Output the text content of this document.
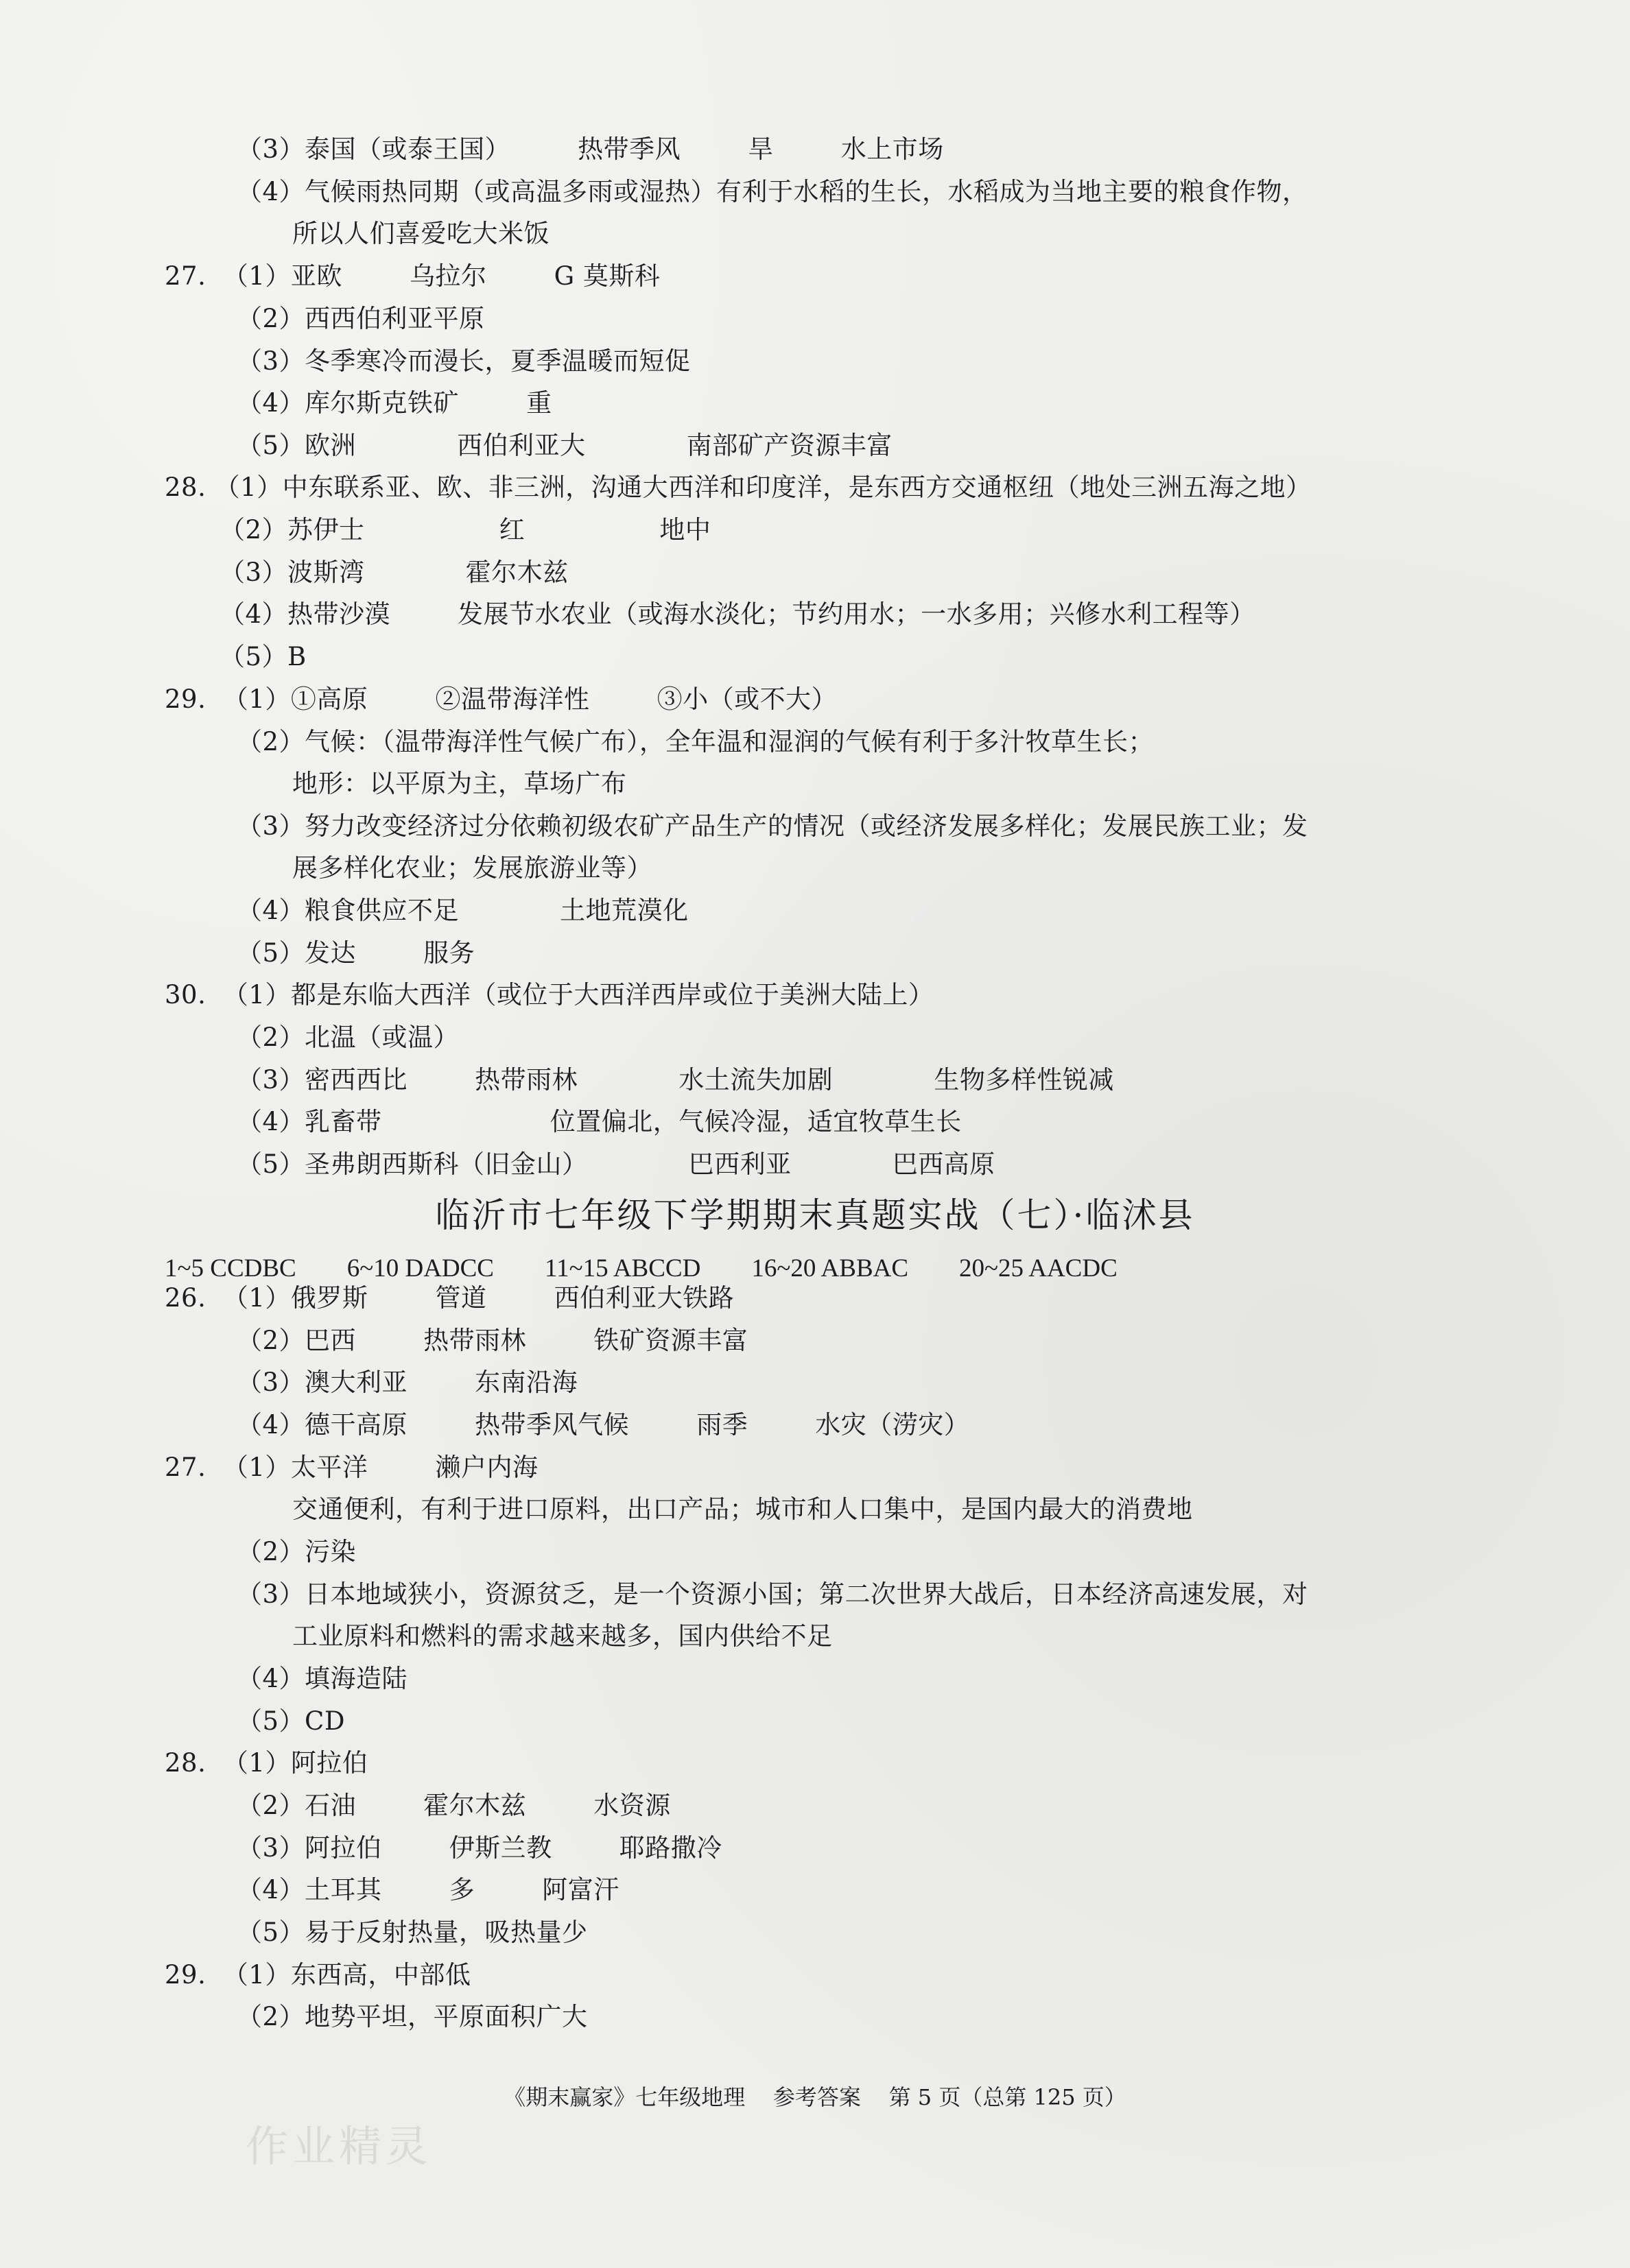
（3）泰国（或泰王国）        热带季风        旱        水上市场
（4）气候雨热同期（或高温多雨或湿热）有利于水稻的生长，水稻成为当地主要的粮食作物，
所以人们喜爱吃大米饭
27.  （1）亚欧        乌拉尔        G 莫斯科
（2）西西伯利亚平原
（3）冬季寒冷而漫长，夏季温暖而短促
（4）库尔斯克铁矿        重
（5）欧洲            西伯利亚大            南部矿产资源丰富
28. （1）中东联系亚、欧、非三洲，沟通大西洋和印度洋，是东西方交通枢纽（地处三洲五海之地）
（2）苏伊士                红                地中
（3）波斯湾            霍尔木兹
（4）热带沙漠        发展节水农业（或海水淡化；节约用水；一水多用；兴修水利工程等）
（5）B
29.  （1）①高原        ②温带海洋性        ③小（或不大）
（2）气候：（温带海洋性气候广布），全年温和湿润的气候有利于多汁牧草生长；
地形：以平原为主，草场广布
（3）努力改变经济过分依赖初级农矿产品生产的情况（或经济发展多样化；发展民族工业；发
展多样化农业；发展旅游业等）
（4）粮食供应不足            土地荒漠化
（5）发达        服务
30.  （1）都是东临大西洋（或位于大西洋西岸或位于美洲大陆上）
（2）北温（或温）
（3）密西西比        热带雨林            水土流失加剧            生物多样性锐减
（4）乳畜带                    位置偏北，气候冷湿，适宜牧草生长
（5）圣弗朗西斯科（旧金山）            巴西利亚            巴西高原
26.  （1）俄罗斯        管道        西伯利亚大铁路
（2）巴西        热带雨林        铁矿资源丰富
（3）澳大利亚        东南沿海
（4）德干高原        热带季风气候        雨季        水灾（涝灾）
27.  （1）太平洋        濑户内海
交通便利，有利于进口原料，出口产品；城市和人口集中，是国内最大的消费地
（2）污染
（3）日本地域狭小，资源贫乏，是一个资源小国；第二次世界大战后，日本经济高速发展，对
工业原料和燃料的需求越来越多，国内供给不足
（4）填海造陆
（5）CD
28.  （1）阿拉伯
（2）石油        霍尔木兹        水资源
（3）阿拉伯        伊斯兰教        耶路撒冷
（4）土耳其        多        阿富汗
（5）易于反射热量，吸热量少
29.  （1）东西高，中部低
（2）地势平坦，平原面积广大
临沂市七年级下学期期末真题实战（七）·临沭县
1~5 CCDBC        6~10 DADCC        11~15 ABCCD        16~20 ABBAC        20~25 AACDC
作业精灵
《期末赢家》七年级地理    参考答案    第 5 页（总第 125 页）
